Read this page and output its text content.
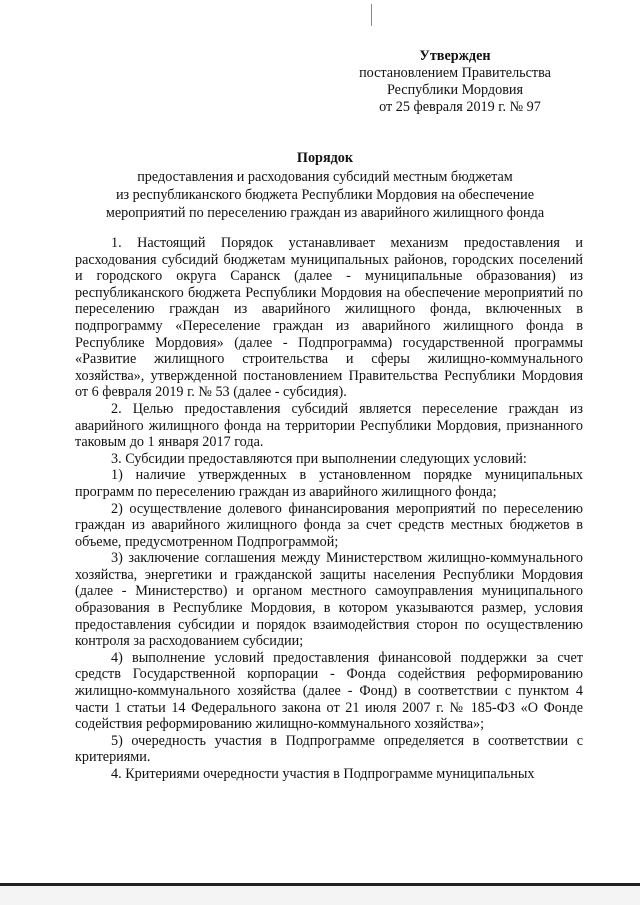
Утвержден
постановлением Правительства
Республики Мордовия
от 25 февраля 2019 г. № 97
Порядок
предоставления и расходования субсидий местным бюджетам
из республиканского бюджета Республики Мордовия на обеспечение
мероприятий по переселению граждан из аварийного жилищного фонда

1. Настоящий Порядок устанавливает механизм предоставления и расходования субсидий бюджетам муниципальных районов, городских поселений и городского округа Саранск (далее - муниципальные образования) из республиканского бюджета Республики Мордовия на обеспечение мероприятий по переселению граждан из аварийного жилищного фонда, включенных в подпрограмму «Переселение граждан из аварийного жилищного фонда в Республике Мордовия» (далее - Подпрограмма) государственной программы «Развитие жилищного строительства и сферы жилищно-коммунального хозяйства», утвержденной постановлением Правительства Республики Мордовия от 6 февраля 2019 г. № 53 (далее - субсидия).

2. Целью предоставления субсидий является переселение граждан из аварийного жилищного фонда на территории Республики Мордовия, признанного таковым до 1 января 2017 года.

3. Субсидии предоставляются при выполнении следующих условий:

1) наличие утвержденных в установленном порядке муниципальных программ по переселению граждан из аварийного жилищного фонда;

2) осуществление долевого финансирования мероприятий по переселению граждан из аварийного жилищного фонда за счет средств местных бюджетов в объеме, предусмотренном Подпрограммой;

3) заключение соглашения между Министерством жилищно-коммунального хозяйства, энергетики и гражданской защиты населения Республики Мордовия (далее - Министерство) и органом местного самоуправления муниципального образования в Республике Мордовия, в котором указываются размер, условия предоставления субсидии и порядок взаимодействия сторон по осуществлению контроля за расходованием субсидии;

4) выполнение условий предоставления финансовой поддержки за счет средств Государственной корпорации - Фонда содействия реформированию жилищно-коммунального хозяйства (далее - Фонд) в соответствии с пунктом 4 части 1 статьи 14 Федерального закона от 21 июля 2007 г. № 185-ФЗ «О Фонде содействия реформированию жилищно-коммунального хозяйства»;

5) очередность участия в Подпрограмме определяется в соответствии с критериями.

4. Критериями очередности участия в Подпрограмме муниципальных
